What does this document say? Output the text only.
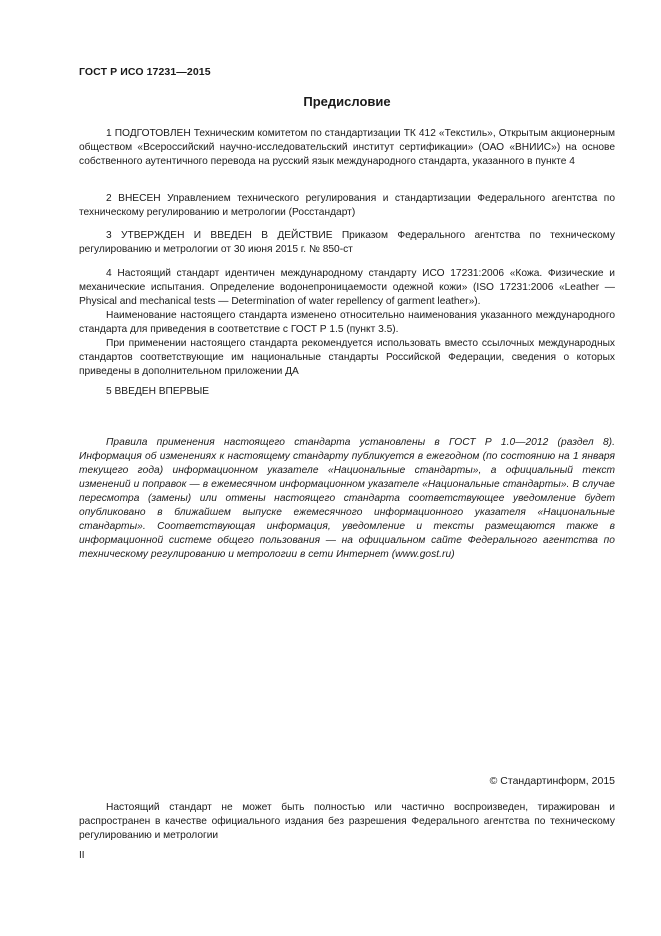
ГОСТ Р ИСО 17231—2015
Предисловие

1 ПОДГОТОВЛЕН Техническим комитетом по стандартизации ТК 412 «Текстиль», Открытым акционерным обществом «Всероссийский научно-исследовательский институт сертификации» (ОАО «ВНИИС») на основе собственного аутентичного перевода на русский язык международного стандарта, указанного в пункте 4

2 ВНЕСЕН Управлением технического регулирования и стандартизации Федерального агентства по техническому регулированию и метрологии (Росстандарт)

3 УТВЕРЖДЕН И ВВЕДЕН В ДЕЙСТВИЕ Приказом Федерального агентства по техническому регулированию и метрологии от 30 июня 2015 г. № 850-ст

4 Настоящий стандарт идентичен международному стандарту ИСО 17231:2006 «Кожа. Физические и механические испытания. Определение водонепроницаемости одежной кожи» (ISO 17231:2006 «Leather — Physical and mechanical tests — Determination of water repellency of garment leather»).

Наименование настоящего стандарта изменено относительно наименования указанного международного стандарта для приведения в соответствие с ГОСТ Р 1.5 (пункт 3.5).

При применении настоящего стандарта рекомендуется использовать вместо ссылочных международных стандартов соответствующие им национальные стандарты Российской Федерации, сведения о которых приведены в дополнительном приложении ДА

5 ВВЕДЕН ВПЕРВЫЕ

Правила применения настоящего стандарта установлены в ГОСТ Р 1.0—2012 (раздел 8). Информация об изменениях к настоящему стандарту публикуется в ежегодном (по состоянию на 1 января текущего года) информационном указателе «Национальные стандарты», а официальный текст изменений и поправок — в ежемесячном информационном указателе «Национальные стандарты». В случае пересмотра (замены) или отмены настоящего стандарта соответствующее уведомление будет опубликовано в ближайшем выпуске ежемесячного информационного указателя «Национальные стандарты». Соответствующая информация, уведомление и тексты размещаются также в информационной системе общего пользования — на официальном сайте Федерального агентства по техническому регулированию и метрологии в сети Интернет (www.gost.ru)

© Стандартинформ, 2015

Настоящий стандарт не может быть полностью или частично воспроизведен, тиражирован и распространен в качестве официального издания без разрешения Федерального агентства по техническому регулированию и метрологии

II
